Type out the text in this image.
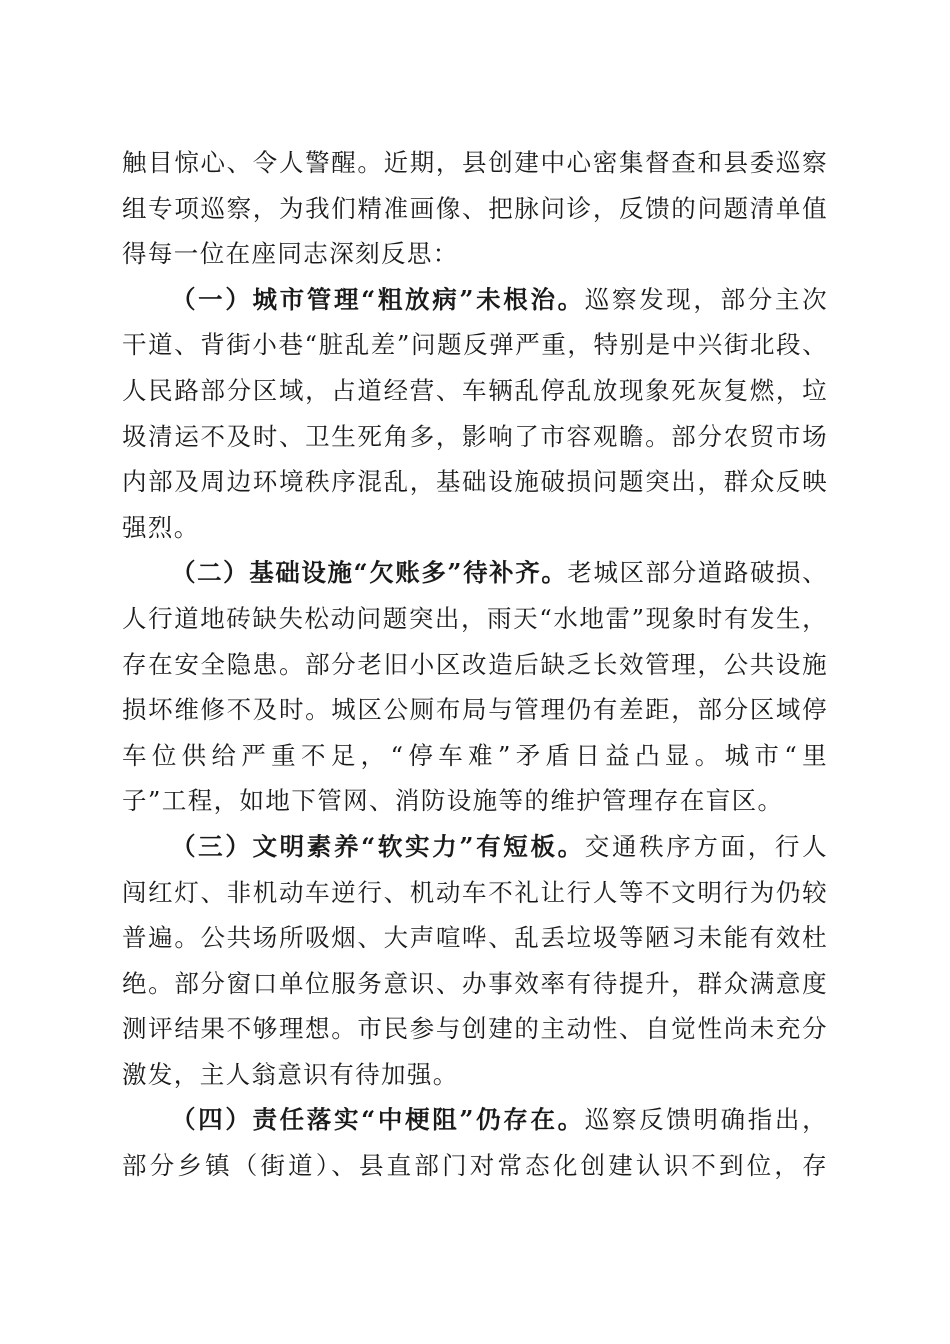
触目惊心、令人警醒。近期，县创建中心密集督查和县委巡察
组专项巡察，为我们精准画像、把脉问诊，反馈的问题清单值
得每一位在座同志深刻反思：
（一）城市管理“粗放病”未根治。巡察发现，部分主次
干道、背街小巷“脏乱差”问题反弹严重，特别是中兴街北段、
人民路部分区域，占道经营、车辆乱停乱放现象死灰复燃，垃
圾清运不及时、卫生死角多，影响了市容观瞻。部分农贸市场
内部及周边环境秩序混乱，基础设施破损问题突出，群众反映
强烈。
（二）基础设施“欠账多”待补齐。老城区部分道路破损、
人行道地砖缺失松动问题突出，雨天“水地雷”现象时有发生，
存在安全隐患。部分老旧小区改造后缺乏长效管理，公共设施
损坏维修不及时。城区公厕布局与管理仍有差距，部分区域停
车位供给严重不足，“停车难”矛盾日益凸显。城市“里
子”工程，如地下管网、消防设施等的维护管理存在盲区。
（三）文明素养“软实力”有短板。交通秩序方面，行人
闯红灯、非机动车逆行、机动车不礼让行人等不文明行为仍较
普遍。公共场所吸烟、大声喧哗、乱丢垃圾等陋习未能有效杜
绝。部分窗口单位服务意识、办事效率有待提升，群众满意度
测评结果不够理想。市民参与创建的主动性、自觉性尚未充分
激发，主人翁意识有待加强。
（四）责任落实“中梗阻”仍存在。巡察反馈明确指出，
部分乡镇（街道）、县直部门对常态化创建认识不到位，存
